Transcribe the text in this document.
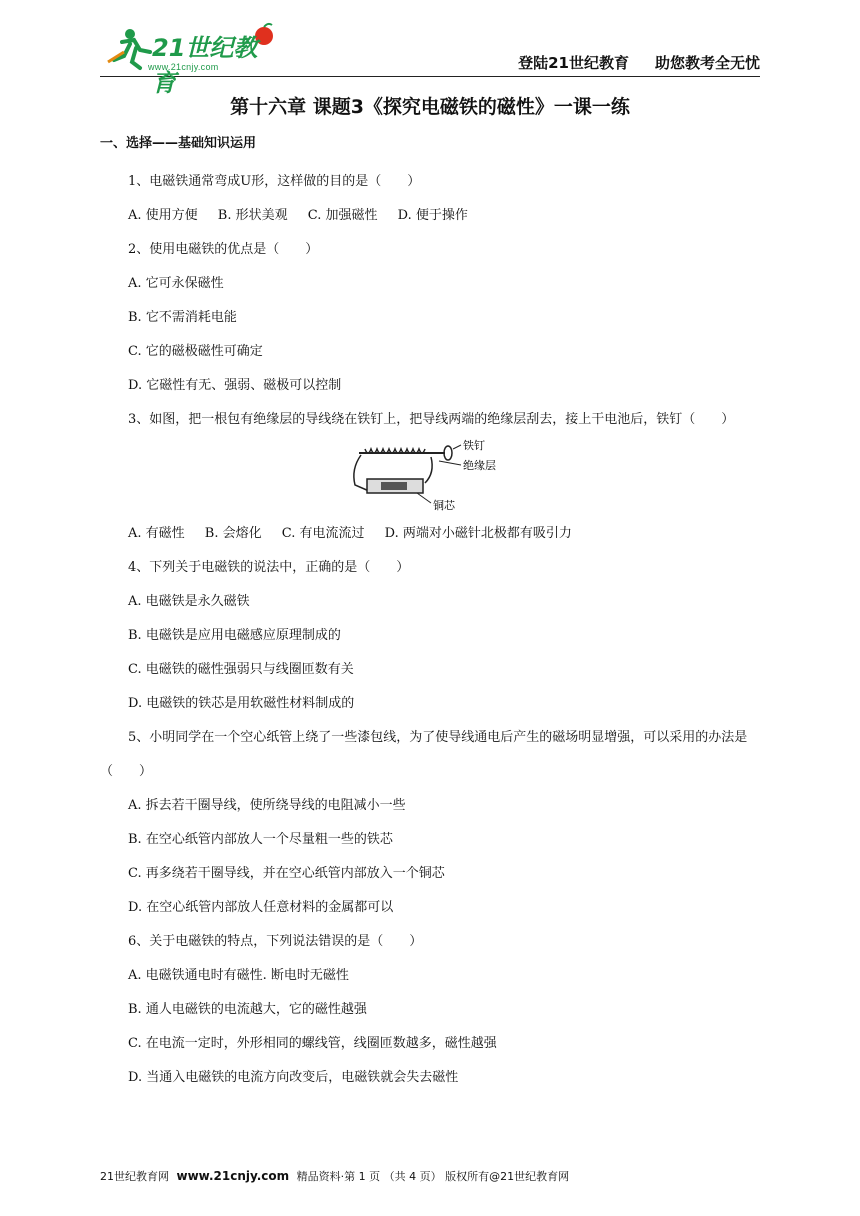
21世纪教育
www.21cnjy.com	登陆21世纪教育 助您教考全无忧
第十六章 课题3《探究电磁铁的磁性》一课一练
一、选择——基础知识运用
1、电磁铁通常弯成U形，这样做的目的是（　　）
A. 使用方便 B. 形状美观 C. 加强磁性 D. 便于操作
2、使用电磁铁的优点是（　　）
A. 它可永保磁性
B. 它不需消耗电能
C. 它的磁极磁性可确定
D. 它磁性有无、强弱、磁极可以控制
3、如图，把一根包有绝缘层的导线绕在铁钉上，把导线两端的绝缘层刮去，接上干电池后，铁钉（　　）
铁钉
绝缘层
铜芯
A. 有磁性 B. 会熔化 C. 有电流流过 D. 两端对小磁针北极都有吸引力
4、下列关于电磁铁的说法中，正确的是（　　）
A. 电磁铁是永久磁铁
B. 电磁铁是应用电磁感应原理制成的
C. 电磁铁的磁性强弱只与线圈匝数有关
D. 电磁铁的铁芯是用软磁性材料制成的
5、小明同学在一个空心纸管上绕了一些漆包线，为了使导线通电后产生的磁场明显增强，可以采用的办法是（　　）
A. 拆去若干圈导线，使所绕导线的电阻减小一些
B. 在空心纸管内部放人一个尽量粗一些的铁芯
C. 再多绕若干圈导线，并在空心纸管内部放入一个铜芯
D. 在空心纸管内部放人任意材料的金属都可以
6、关于电磁铁的特点，下列说法错误的是（　　）
A. 电磁铁通电时有磁性. 断电时无磁性
B. 通人电磁铁的电流越大，它的磁性越强
C. 在电流一定时，外形相同的螺线管，线圈匝数越多，磁性越强
D. 当通入电磁铁的电流方向改变后，电磁铁就会失去磁性
21世纪教育网 www.21cnjy.com 精品资料·第 1 页 （共 4 页） 版权所有@21世纪教育网
